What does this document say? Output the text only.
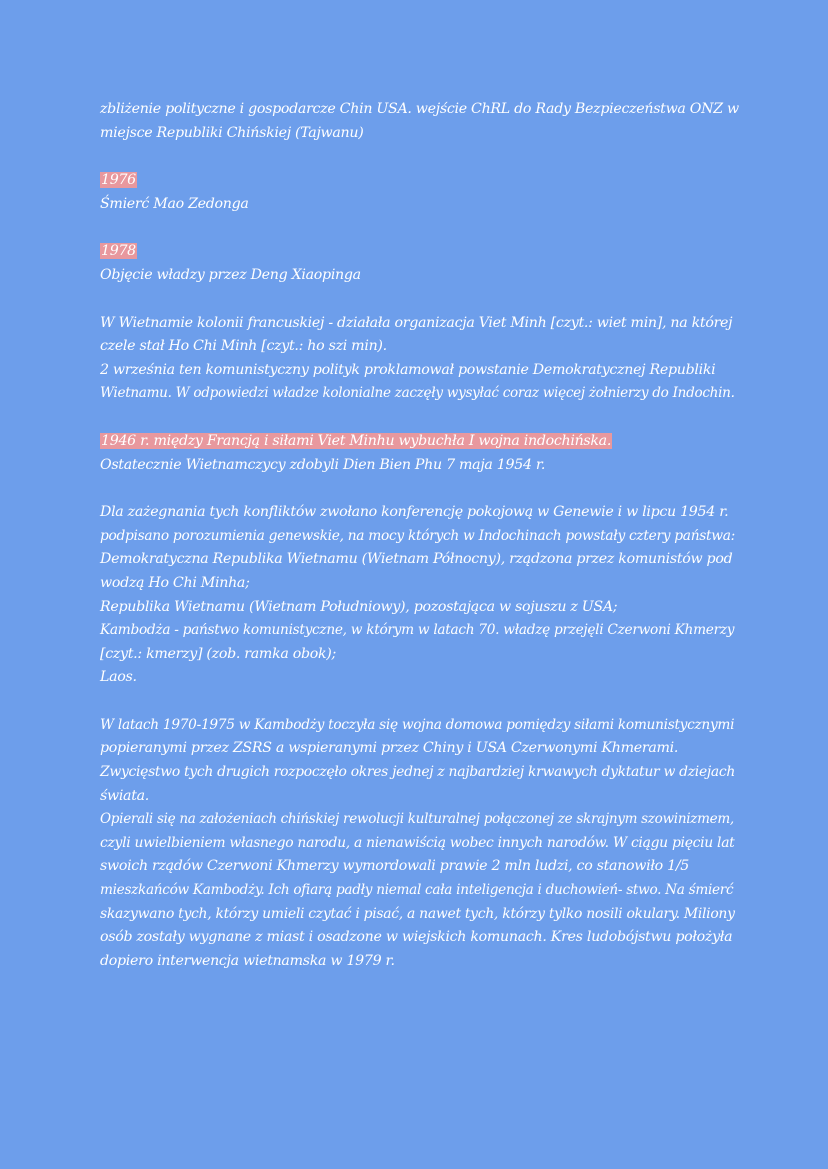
zbliżenie polityczne i gospodarcze Chin USA. wejście ChRL do Rady Bezpieczeństwa ONZ w
miejsce Republiki Chińskiej (Tajwanu)
1976
Śmierć Mao Zedonga
1978
Objęcie władzy przez Deng Xiaopinga
W Wietnamie kolonii francuskiej - działała organizacja Viet Minh [czyt.: wiet min], na której
czele stał Ho Chi Minh [czyt.: ho szi min).
2 września ten komunistyczny polityk proklamował powstanie Demokratycznej Republiki
Wietnamu. W odpowiedzi władze kolonialne zaczęły wysyłać coraz więcej żołnierzy do Indochin.
1946 r. między Francją i siłami Viet Minhu wybuchła I wojna indochińska.
Ostatecznie Wietnamczycy zdobyli Dien Bien Phu 7 maja 1954 r.
Dla zażegnania tych konfliktów zwołano konferencję pokojową w Genewie i w lipcu 1954 r.
podpisano porozumienia genewskie, na mocy których w Indochinach powstały cztery państwa:
Demokratyczna Republika Wietnamu (Wietnam Północny), rządzona przez komunistów pod
wodzą Ho Chi Minha;
Republika Wietnamu (Wietnam Południowy), pozostająca w sojuszu z USA;
Kambodża - państwo komunistyczne, w którym w latach 70. władzę przejęli Czerwoni Khmerzy
[czyt.: kmerzy] (zob. ramka obok);
Laos.
W latach 1970-1975 w Kambodży toczyła się wojna domowa pomiędzy siłami komunistycznymi
popieranymi przez ZSRS a wspieranymi przez Chiny i USA Czerwonymi Khmerami.
Zwycięstwo tych drugich rozpoczęło okres jednej z najbardziej krwawych dyktatur w dziejach
świata.
Opierali się na założeniach chińskiej rewolucji kulturalnej połączonej ze skrajnym szowinizmem,
czyli uwielbieniem własnego narodu, a nienawiścią wobec innych narodów. W ciągu pięciu lat
swoich rządów Czerwoni Khmerzy wymordowali prawie 2 mln ludzi, co stanowiło 1/5
mieszkańców Kambodży. Ich ofiarą padły niemal cała inteligencja i duchowień- stwo. Na śmierć
skazywano tych, którzy umieli czytać i pisać, a nawet tych, którzy tylko nosili okulary. Miliony
osób zostały wygnane z miast i osadzone w wiejskich komunach. Kres ludobójstwu położyła
dopiero interwencja wietnamska w 1979 r.
